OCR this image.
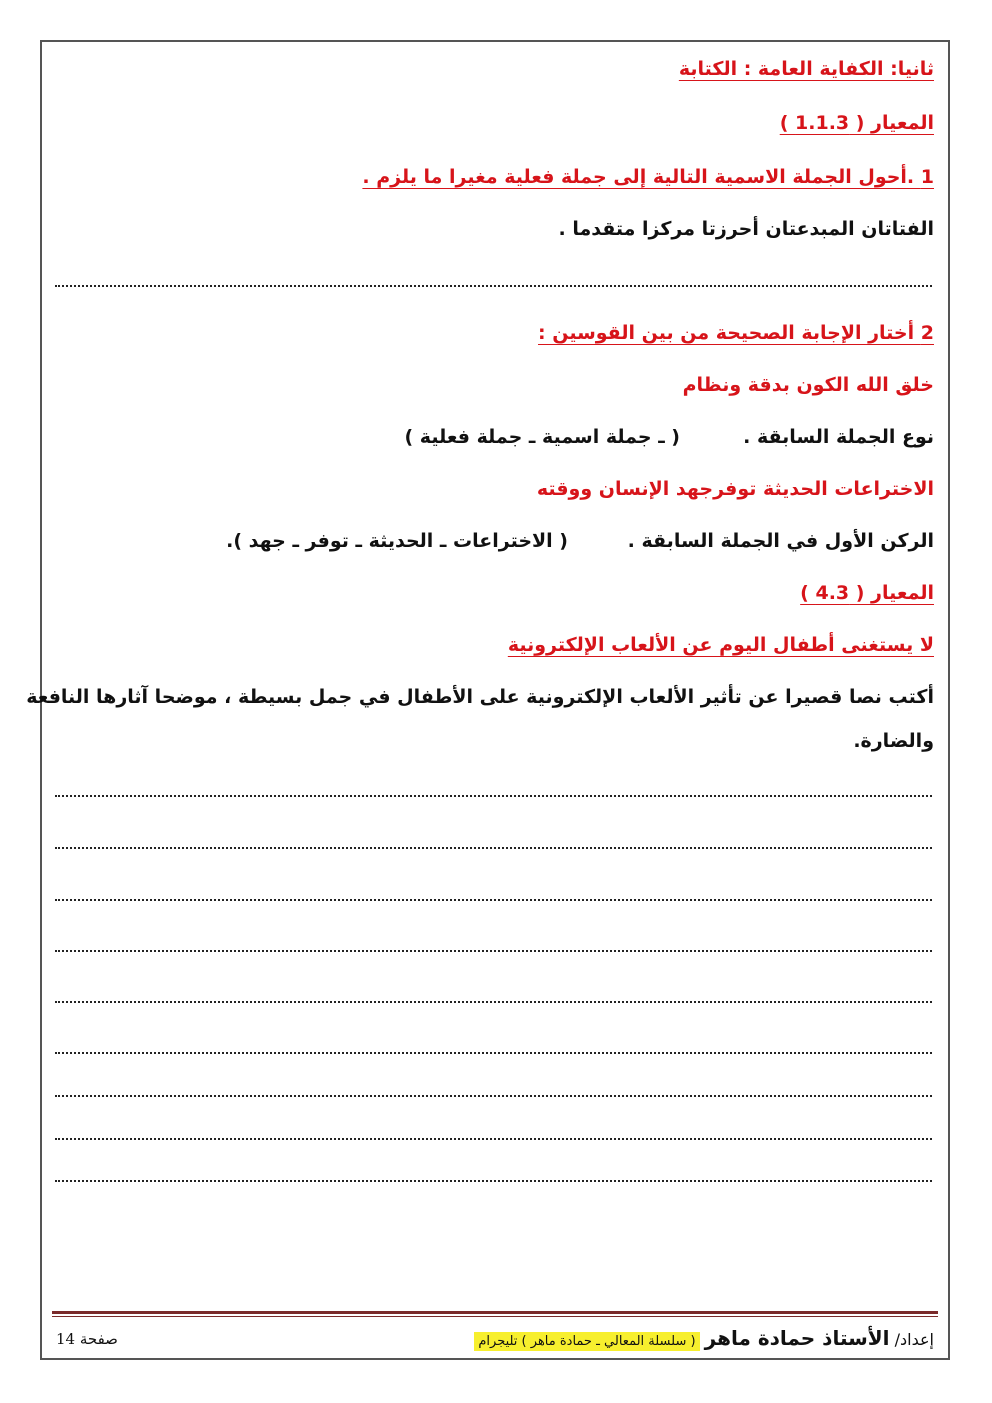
ثانيا: الكفاية العامة : الكتابة
المعيار ( 1.1.3 )
1 .أحول الجملة الاسمية التالية إلى جملة فعلية مغيرا ما يلزم .
الفتاتان المبدعتان أحرزتا مركزا متقدما .
2 أختار الإجابة الصحيحة من بين القوسين :
خلق الله الكون بدقة ونظام
نوع الجملة السابقة .
( ـ جملة اسمية ـ جملة فعلية )
الاختراعات الحديثة توفرجهد الإنسان ووقته
الركن الأول في الجملة السابقة .
( الاختراعات ـ الحديثة ـ توفر ـ جهد ).
المعيار ( 4.3 )
لا يستغنى أطفال اليوم عن الألعاب الإلكترونية
أكتب نصا قصيرا عن تأثير الألعاب الإلكترونية على الأطفال في جمل بسيطة ، موضحا آثارها النافعة
والضارة.
إعداد/ الأستاذ حمادة ماهر ( سلسلة المعالي ـ حمادة ماهر ) تليجرام
صفحة 14
